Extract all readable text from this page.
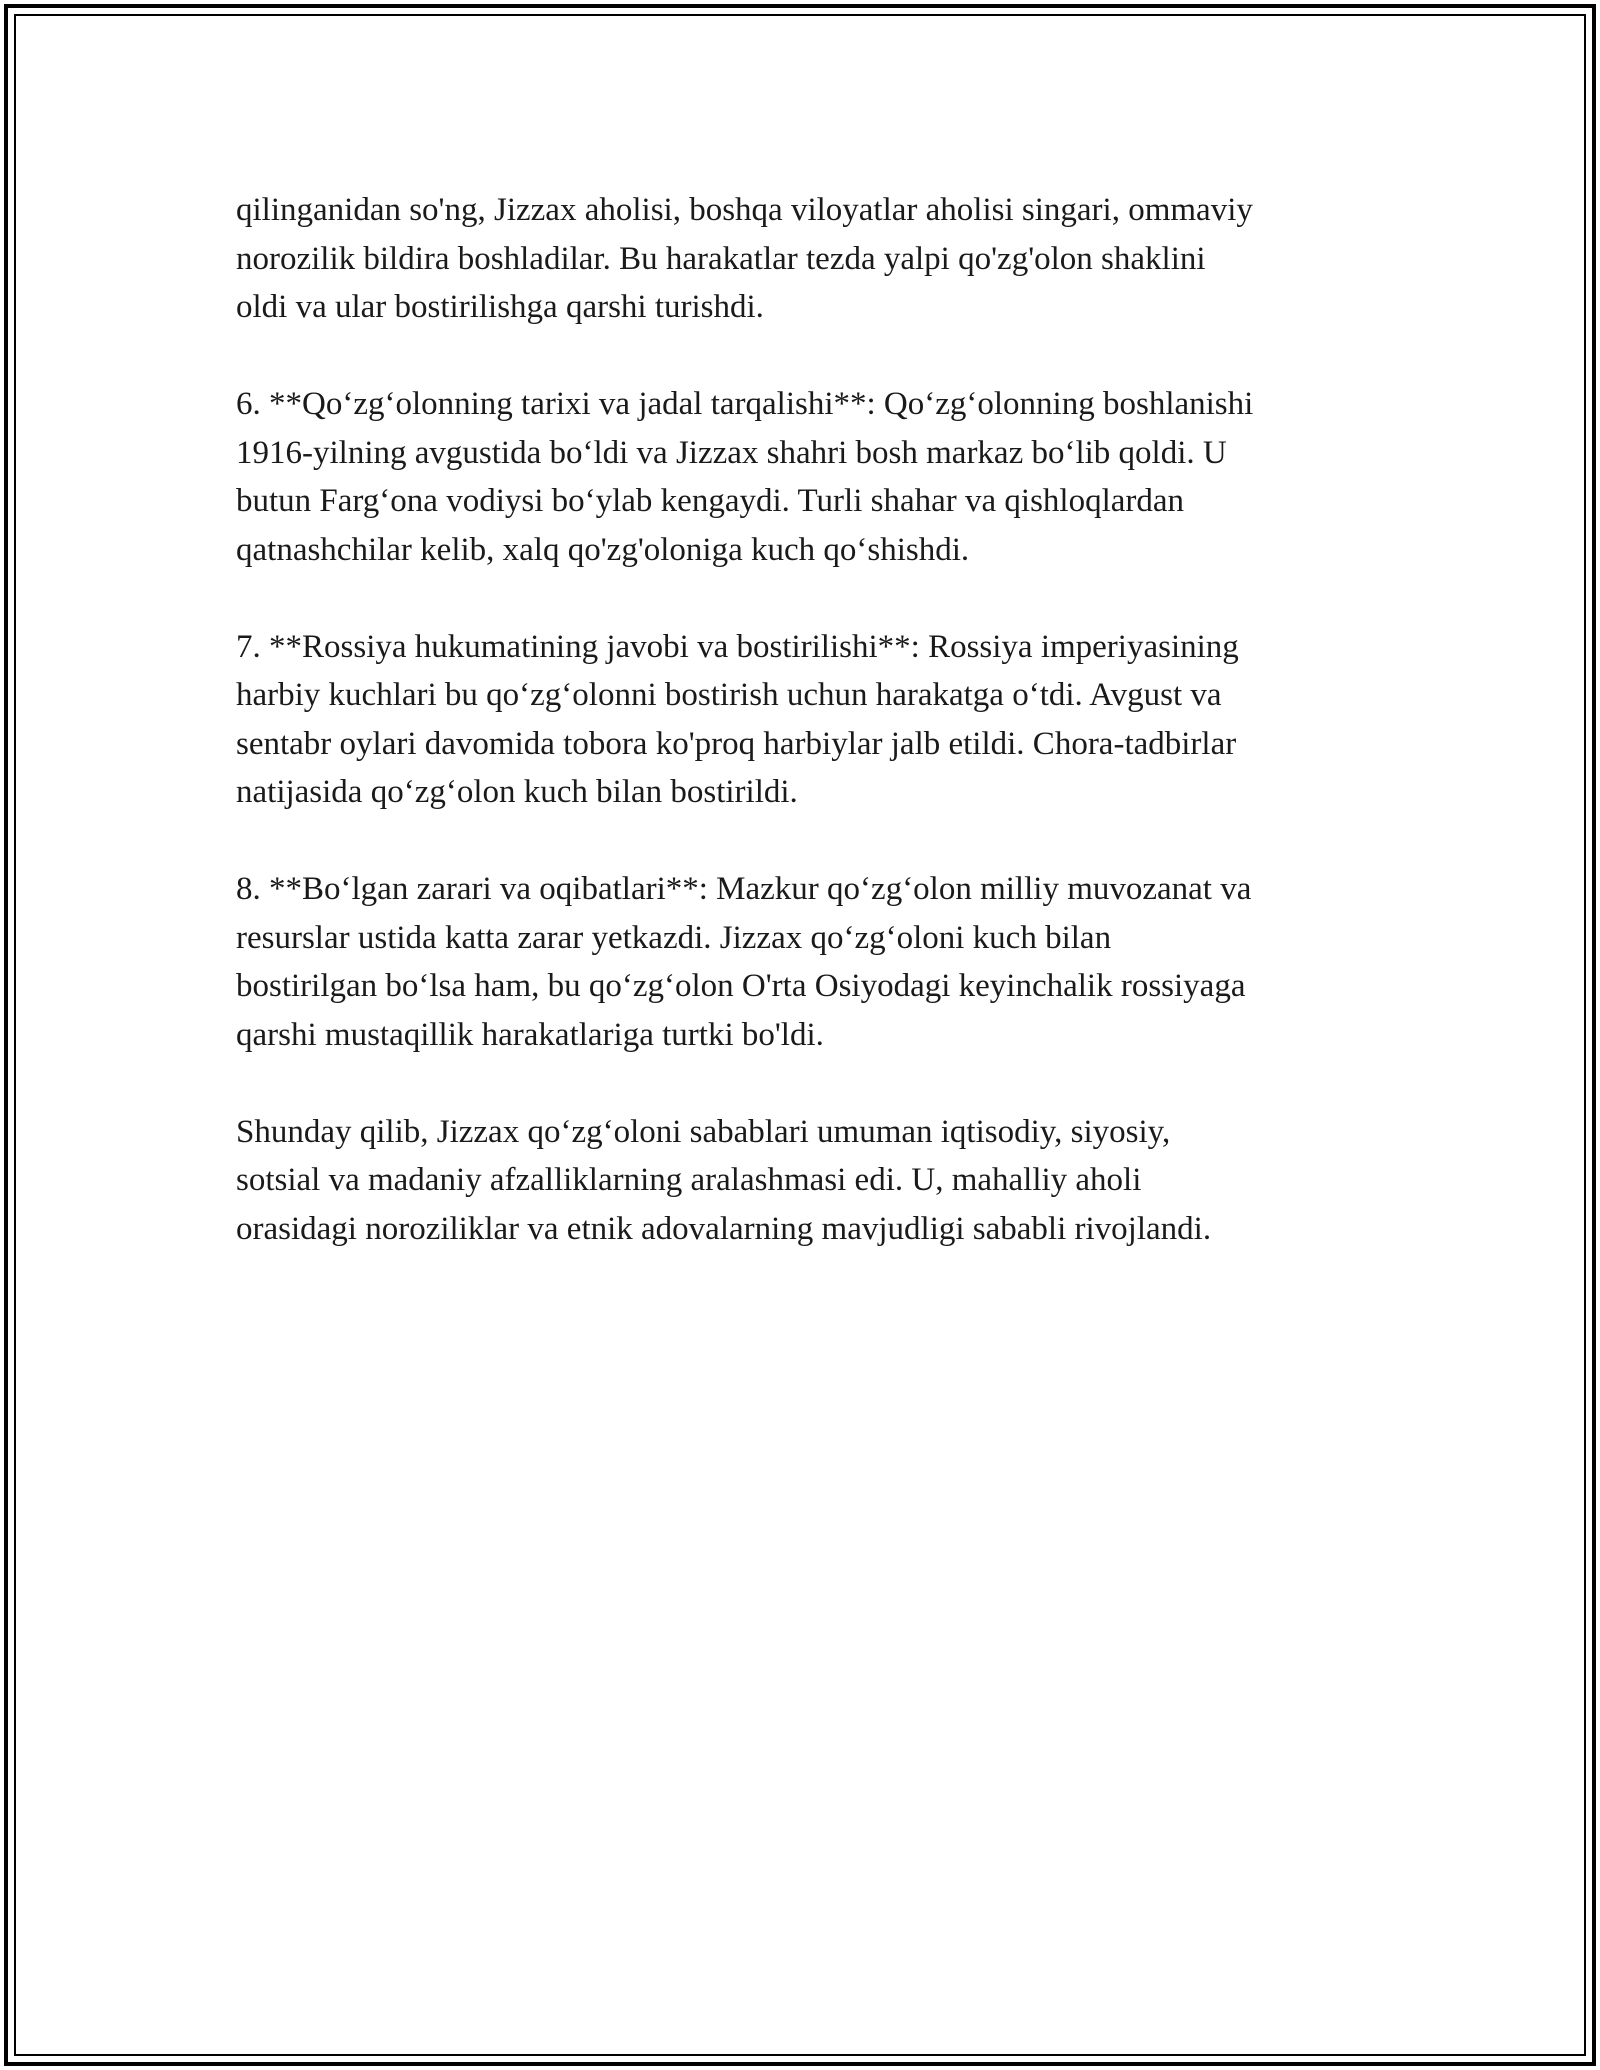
qilinganidan so'ng, Jizzax aholisi, boshqa viloyatlar aholisi singari, ommaviy
norozilik bildira boshladilar. Bu harakatlar tezda yalpi qo'zg'olon shaklini
oldi va ular bostirilishga qarshi turishdi.

6. **Qo‘zg‘olonning tarixi va jadal tarqalishi**: Qo‘zg‘olonning boshlanishi
1916-yilning avgustida bo‘ldi va Jizzax shahri bosh markaz bo‘lib qoldi. U
butun Farg‘ona vodiysi bo‘ylab kengaydi. Turli shahar va qishloqlardan
qatnashchilar kelib, xalq qo'zg'oloniga kuch qo‘shishdi.

7. **Rossiya hukumatining javobi va bostirilishi**: Rossiya imperiyasining
harbiy kuchlari bu qo‘zg‘olonni bostirish uchun harakatga o‘tdi. Avgust va
sentabr oylari davomida tobora ko'proq harbiylar jalb etildi. Chora-tadbirlar
natijasida qo‘zg‘olon kuch bilan bostirildi.

8. **Bo‘lgan zarari va oqibatlari**: Mazkur qo‘zg‘olon milliy muvozanat va
resurslar ustida katta zarar yetkazdi. Jizzax qo‘zg‘oloni kuch bilan
bostirilgan bo‘lsa ham, bu qo‘zg‘olon O'rta Osiyodagi keyinchalik rossiyaga
qarshi mustaqillik harakatlariga turtki bo'ldi.

Shunday qilib, Jizzax qo‘zg‘oloni sabablari umuman iqtisodiy, siyosiy,
sotsial va madaniy afzalliklarning aralashmasi edi. U, mahalliy aholi
orasidagi noroziliklar va etnik adovalarning mavjudligi sababli rivojlandi.
